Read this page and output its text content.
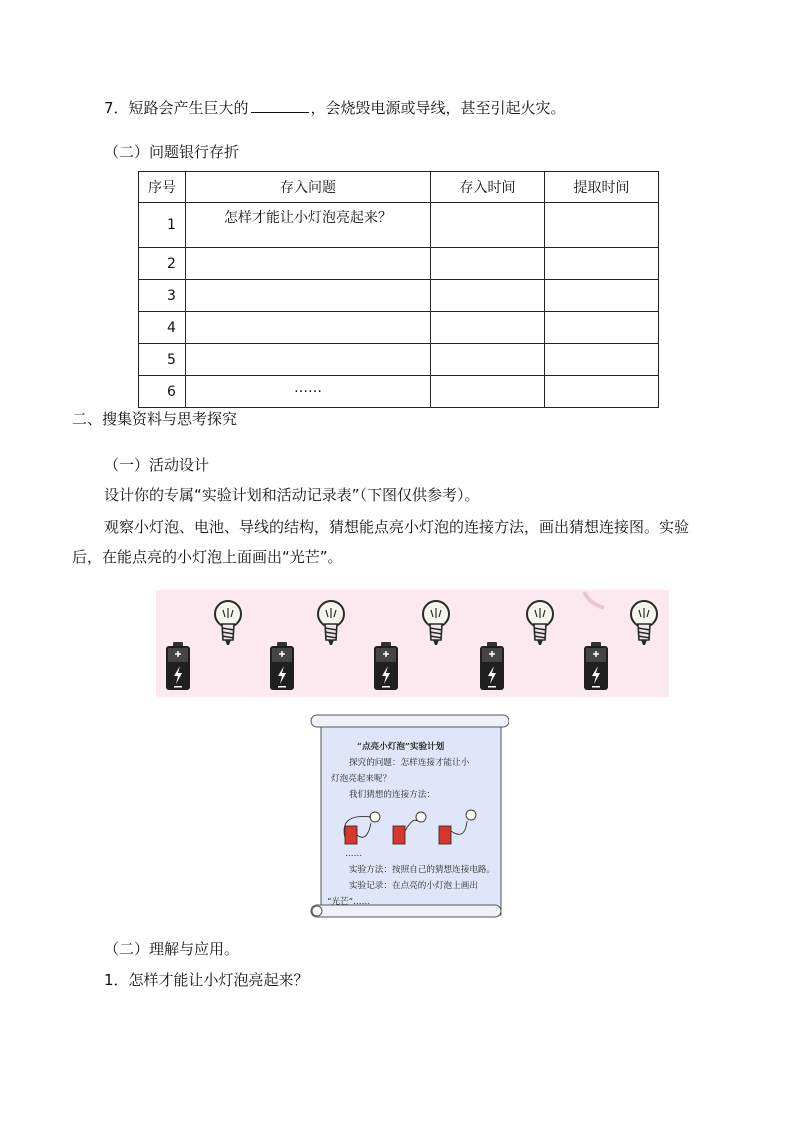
7．短路会产生巨大的	，会烧毁电源或导线，甚至引起火灾。
（二）问题银行存折
序号	存入问题	存入时间	提取时间
1	怎样才能让小灯泡亮起来？		
2			
3			
4			
5			
6	……		
二、搜集资料与思考探究
（一）活动设计
设计你的专属“实验计划和活动记录表”（下图仅供参考）。
观察小灯泡、电池、导线的结构，猜想能点亮小灯泡的连接方法，画出猜想连接图。实验
后，在能点亮的小灯泡上面画出“光芒”。
“点亮小灯泡”实验计划
探究的问题：怎样连接才能让小
灯泡亮起来呢？
我们猜想的连接方法：
……
实验方法：按照自己的猜想连接电路。
实验记录：在点亮的小灯泡上画出
“光芒”……
（二）理解与应用。
1．怎样才能让小灯泡亮起来？
